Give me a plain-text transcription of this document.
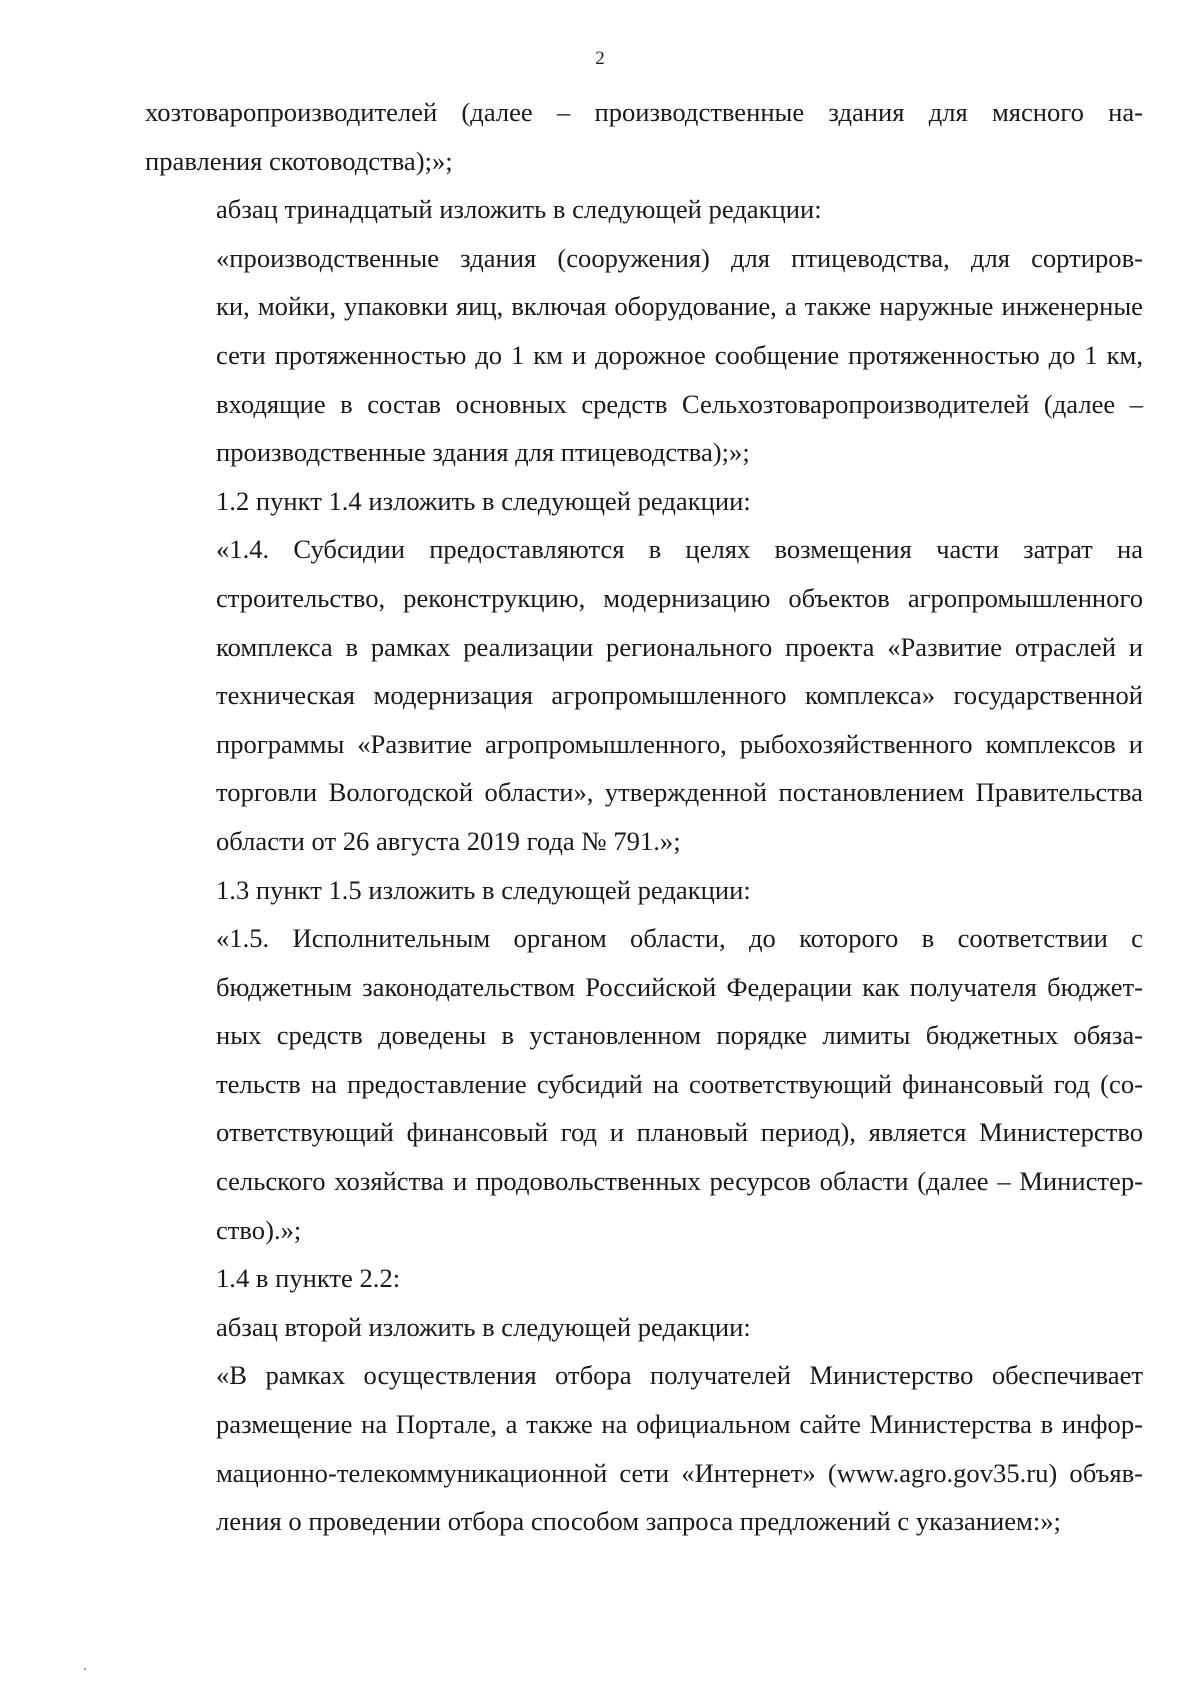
2

хозтоваропроизводителей (далее – производственные здания для мясного на-
правления скотоводства);»;

абзац тринадцатый изложить в следующей редакции:

«производственные здания (сооружения) для птицеводства, для сортиров-
ки, мойки, упаковки яиц, включая оборудование, а также наружные инженерные
сети протяженностью до 1 км и дорожное сообщение протяженностью до 1 км,
входящие в состав основных средств Сельхозтоваропроизводителей (далее –
производственные здания для птицеводства);»;

1.2 пункт 1.4 изложить в следующей редакции:

«1.4. Субсидии предоставляются в целях возмещения части затрат на
строительство, реконструкцию, модернизацию объектов агропромышленного
комплекса в рамках реализации регионального проекта «Развитие отраслей и
техническая модернизация агропромышленного комплекса» государственной
программы «Развитие агропромышленного, рыбохозяйственного комплексов и
торговли Вологодской области», утвержденной постановлением Правительства
области от 26 августа 2019 года № 791.»;

1.3 пункт 1.5 изложить в следующей редакции:

«1.5. Исполнительным органом области, до которого в соответствии с
бюджетным законодательством Российской Федерации как получателя бюджет-
ных средств доведены в установленном порядке лимиты бюджетных обяза-
тельств на предоставление субсидий на соответствующий финансовый год (со-
ответствующий финансовый год и плановый период), является Министерство
сельского хозяйства и продовольственных ресурсов области (далее – Министер-
ство).»;

1.4 в пункте 2.2:

абзац второй изложить в следующей редакции:

«В рамках осуществления отбора получателей Министерство обеспечивает
размещение на Портале, а также на официальном сайте Министерства в инфор-
мационно-телекоммуникационной сети «Интернет» (www.agro.gov35.ru) объяв-
ления о проведении отбора способом запроса предложений с указанием:»;
